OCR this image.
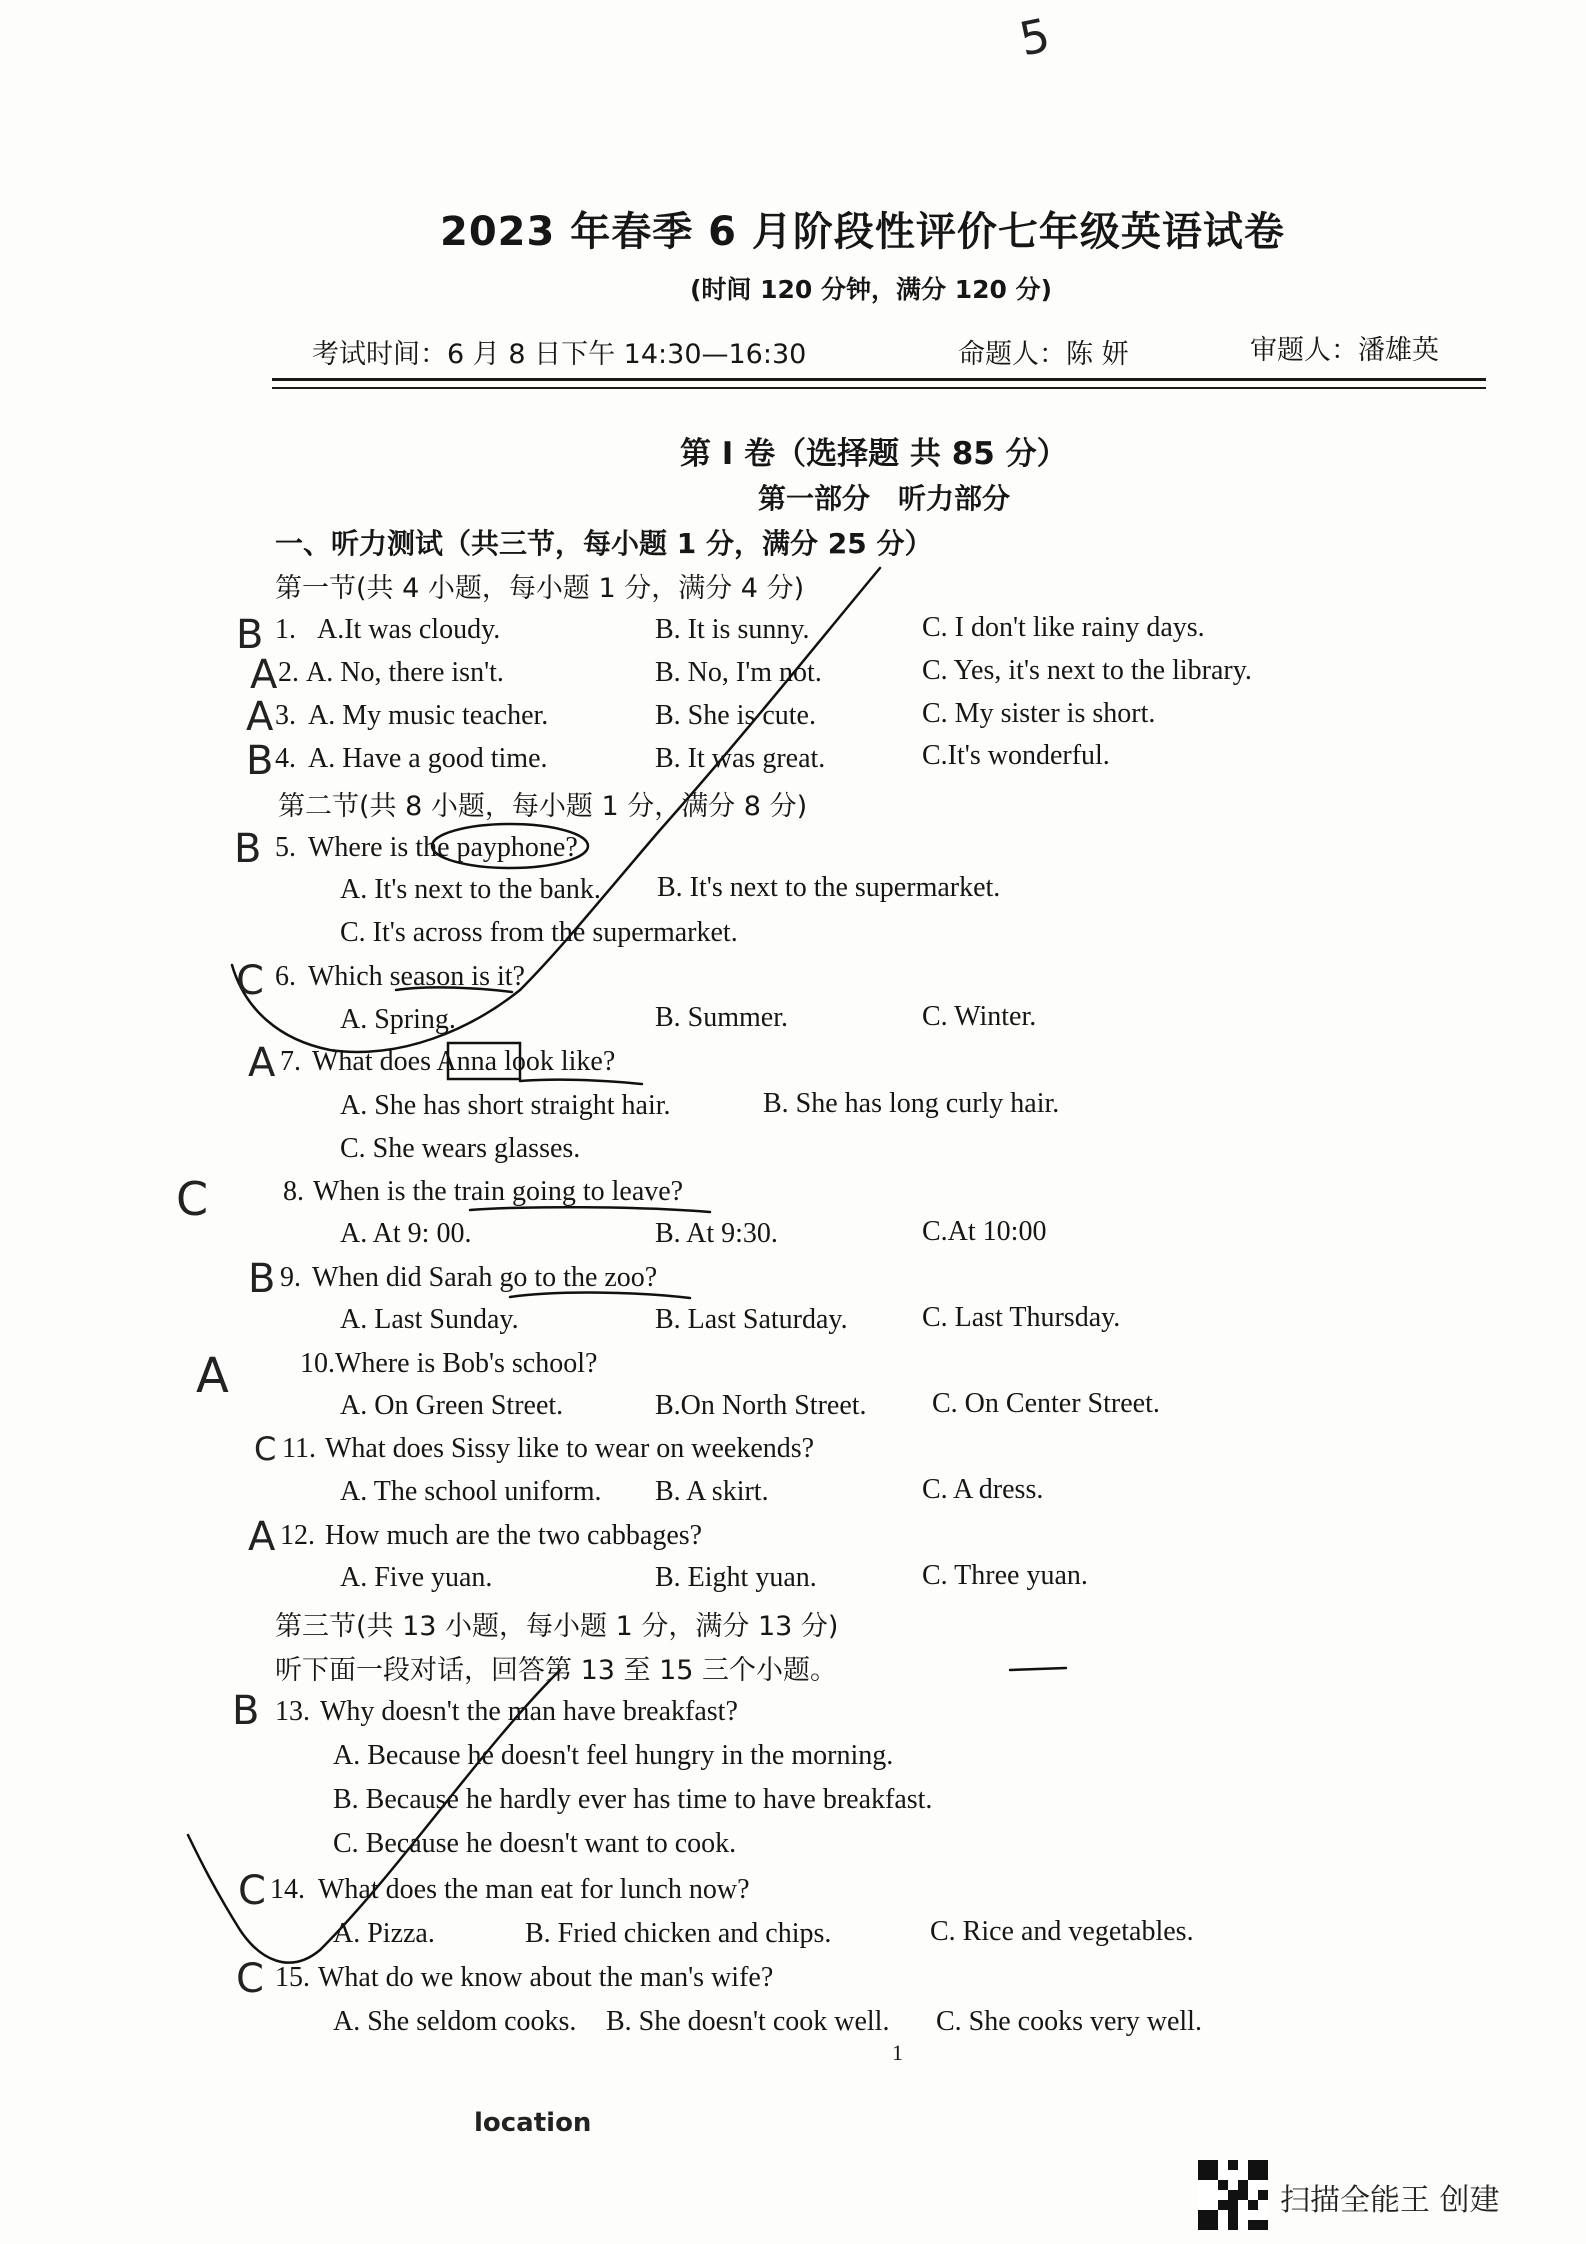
2023 年春季 6 月阶段性评价七年级英语试卷
(时间 120 分钟，满分 120 分)
考试时间：6 月 8 日下午 14:30—16:30	命题人：陈 妍	审题人：潘雄英
5
第 I 卷（选择题 共 85 分）
第一部分　听力部分
一、听力测试（共三节，每小题 1 分，满分 25 分）
第一节(共 4 小题，每小题 1 分，满分 4 分)
1. A.It was cloudy.	B. It is sunny.	C. I don't like rainy days.
B
2. A. No, there isn't.	B. No, I'm not.	C. Yes, it's next to the library.
A
3. A. My music teacher.	B. She is cute.	C. My sister is short.
A
4. A. Have a good time.	B. It was great.	C.It's wonderful.
B
第二节(共 8 小题，每小题 1 分，满分 8 分)
B 5. Where is the payphone?
A. It's next to the bank. B. It's next to the supermarket.
C. It's across from the supermarket.
C 6. Which season is it?
A. Spring.	B. Summer.	C. Winter.
A 7. What does Anna look like?
A. She has short straight hair.	B. She has long curly hair.
C. She wears glasses.
C	8. When is the train going to leave?
A. At 9: 00.	B. At 9:30.	C.At 10:00
B 9. When did Sarah go to the zoo?
A. Last Sunday.	B. Last Saturday.	C. Last Thursday.
A	10. Where is Bob's school?
A. On Green Street.	B.On North Street. C. On Center Street.
C 11. What does Sissy like to wear on weekends?
A. The school uniform. B. A skirt.	C. A dress.
A 12. How much are the two cabbages?
A. Five yuan.	B. Eight yuan.	C. Three yuan.
第三节(共 13 小题，每小题 1 分，满分 13 分)
听下面一段对话，回答第 13 至 15 三个小题。
B 13. Why doesn't the man have breakfast?
A. Because he doesn't feel hungry in the morning.
B. Because he hardly ever has time to have breakfast.
C. Because he doesn't want to cook.
C 14. What does the man eat for lunch now?
A. Pizza.	B. Fried chicken and chips.	C. Rice and vegetables.
C 15. What do we know about the man's wife?
A. She seldom cooks. B. She doesn't cook well. C. She cooks very well.
1
location
扫描全能王 创建
